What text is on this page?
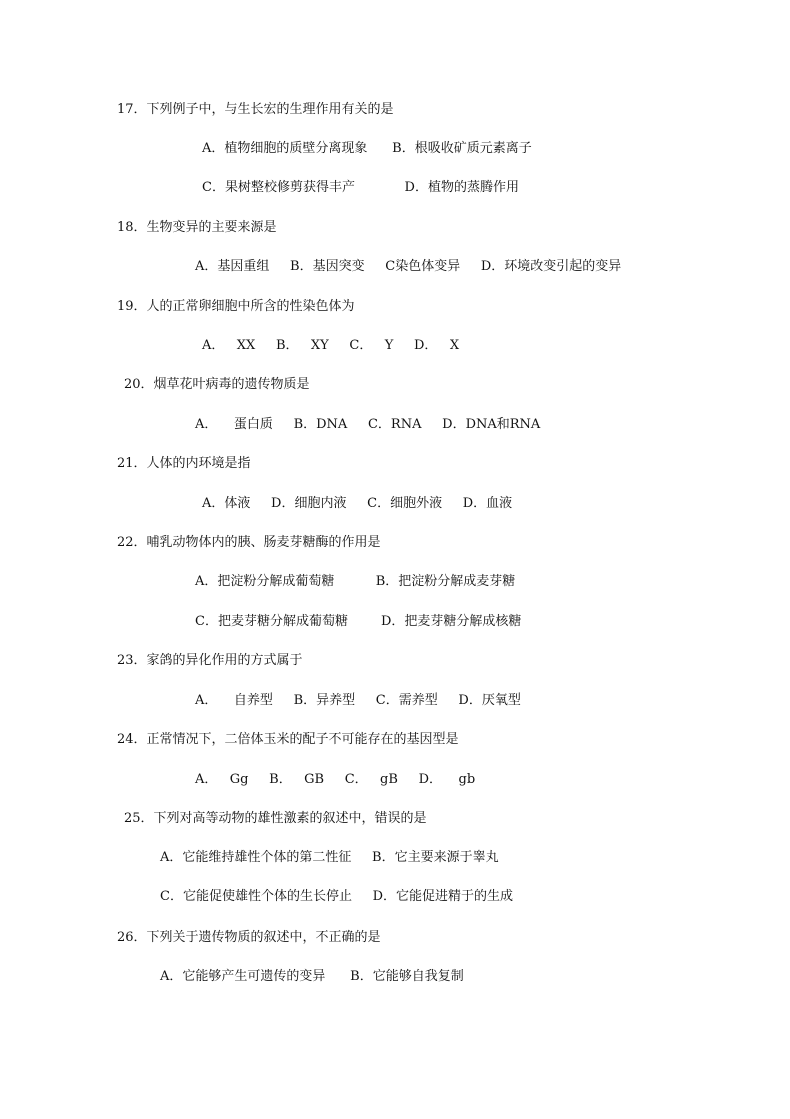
17．下列例子中，与生长宏的生理作用有关的是
A．植物细胞的质壁分离现象      B．根吸收矿质元素离子
C．果树整校修剪获得丰产            D．植物的蒸腾作用
18．生物变异的主要来源是
A．基因重组     B．基因突变     C染色体变异     D．环境改变引起的变异
19．人的正常卵细胞中所含的性染色体为
A．   XX     B．   XY     C．   Y     D．   X
20．烟草花叶病毒的遗传物质是
A．    蛋白质     B．DNA     C．RNA     D．DNA和RNA
21．人体的内环境是指
A．体液     D．细胞内液     C．细胞外液     D．血液
22．哺乳动物体内的胰、肠麦芽糖酶的作用是
A．把淀粉分解成葡萄糖          B．把淀粉分解成麦芽糖
C．把麦芽糖分解成葡萄糖        D．把麦芽糖分解成核糖
23．家鸽的异化作用的方式属于
A．    自养型     B．异养型     C．需养型     D．厌氧型
24．正常情况下，二倍体玉米的配子不可能存在的基因型是
A．   Gg     B．   GB     C．   gB     D．    gb
25．下列对高等动物的雄性激素的叙述中，错误的是
A．它能维持雄性个体的第二性征     B．它主要来源于睾丸
C．它能促使雄性个体的生长停止     D．它能促进精于的生成
26．下列关于遗传物质的叙述中，不正确的是
A．它能够产生可遗传的变异      B．它能够自我复制
